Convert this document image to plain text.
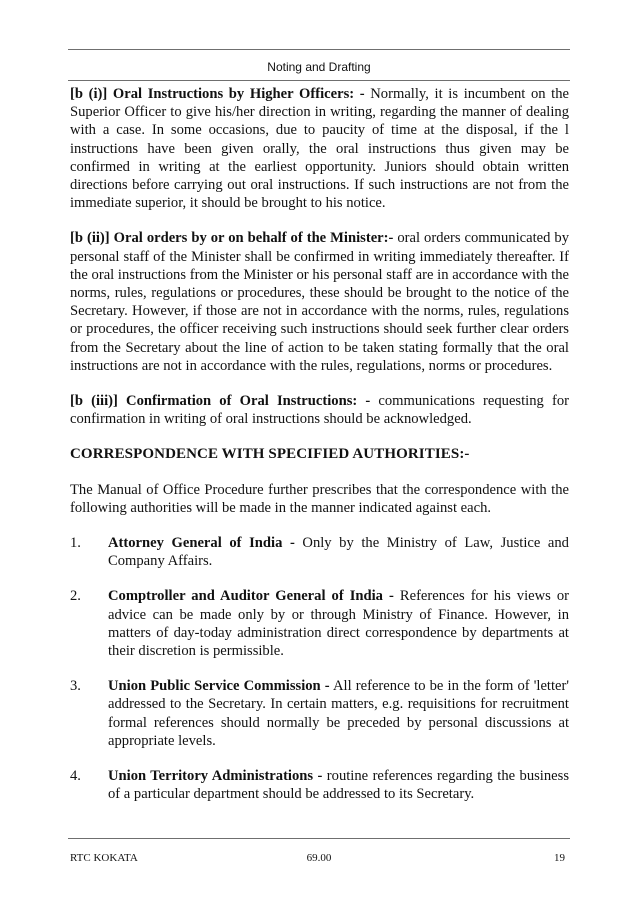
Noting and Drafting

[b (i)] Oral Instructions by Higher Officers: - Normally, it is incumbent on the Superior Officer to give his/her direction in writing, regarding the manner of dealing with a case. In some occasions, due to paucity of time at the disposal, if the l instructions have been given orally, the oral instructions thus given may be confirmed in writing at the earliest opportunity. Juniors should obtain written directions before carrying out oral instructions. If such instructions are not from the immediate superior, it should be brought to his notice.

[b (ii)] Oral orders by or on behalf of the Minister:- oral orders communicated by personal staff of the Minister shall be confirmed in writing immediately thereafter. If the oral instructions from the Minister or his personal staff are in accordance with the norms, rules, regulations or procedures, these should be brought to the notice of the Secretary. However, if those are not in accordance with the norms, rules, regulations or procedures, the officer receiving such instructions should seek further clear orders from the Secretary about the line of action to be taken stating formally that the oral instructions are not in accordance with the rules, regulations, norms or procedures.

[b (iii)] Confirmation of Oral Instructions: - communications requesting for confirmation in writing of oral instructions should be acknowledged.

CORRESPONDENCE WITH SPECIFIED AUTHORITIES:-

The Manual of Office Procedure further prescribes that the correspondence with the following authorities will be made in the manner indicated against each.

1.	Attorney General of India - Only by the Ministry of Law, Justice and Company Affairs.
2.	Comptroller and Auditor General of India - References for his views or advice can be made only by or through Ministry of Finance. However, in matters of day-today administration direct correspondence by departments at their discretion is permissible.
3.	Union Public Service Commission - All reference to be in the form of 'letter' addressed to the Secretary. In certain matters, e.g. requisitions for recruitment formal references should normally be preceded by personal discussions at appropriate levels.
4.	Union Territory Administrations - routine references regarding the business of a particular department should be addressed to its Secretary.
RTC KOKATA	69.00	19
